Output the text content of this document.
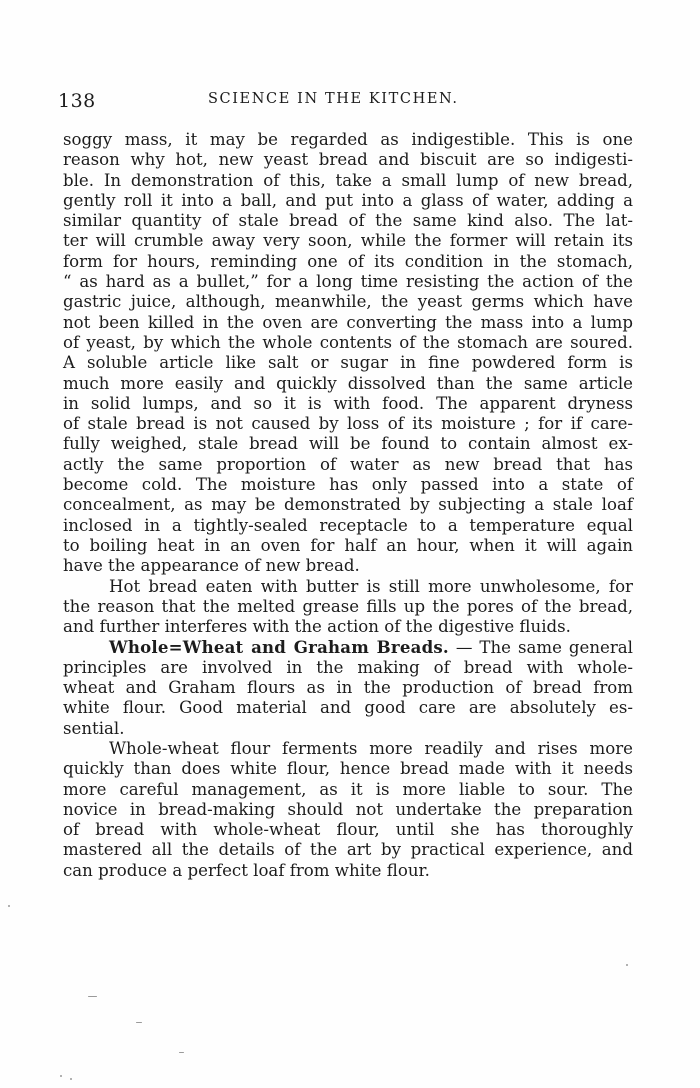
138	SCIENCE IN THE KITCHEN.
soggy mass, it may be regarded as indigestible. This is one
reason why hot, new yeast bread and biscuit are so indigesti-
ble. In demonstration of this, take a small lump of new bread,
gently roll it into a ball, and put into a glass of water, adding a
similar quantity of stale bread of the same kind also. The lat-
ter will crumble away very soon, while the former will retain its
form for hours, reminding one of its condition in the stomach,
“ as hard as a bullet,” for a long time resisting the action of the
gastric juice, although, meanwhile, the yeast germs which have
not been killed in the oven are converting the mass into a lump
of yeast, by which the whole contents of the stomach are soured.
A soluble article like salt or sugar in fine powdered form is
much more easily and quickly dissolved than the same article
in solid lumps, and so it is with food. The apparent dryness
of stale bread is not caused by loss of its moisture ; for if care-
fully weighed, stale bread will be found to contain almost ex-
actly the same proportion of water as new bread that has
become cold. The moisture has only passed into a state of
concealment, as may be demonstrated by subjecting a stale loaf
inclosed in a tightly-sealed receptacle to a temperature equal
to boiling heat in an oven for half an hour, when it will again
have the appearance of new bread.
Hot bread eaten with butter is still more unwholesome, for
the reason that the melted grease fills up the pores of the bread,
and further interferes with the action of the digestive fluids.
Whole=Wheat and Graham Breads. — The same general
principles are involved in the making of bread with whole-
wheat and Graham flours as in the production of bread from
white flour. Good material and good care are absolutely es-
sential.
Whole-wheat flour ferments more readily and rises more
quickly than does white flour, hence bread made with it needs
more careful management, as it is more liable to sour. The
novice in bread-making should not undertake the preparation
of bread with whole-wheat flour, until she has thoroughly
mastered all the details of the art by practical experience, and
can produce a perfect loaf from white flour.
